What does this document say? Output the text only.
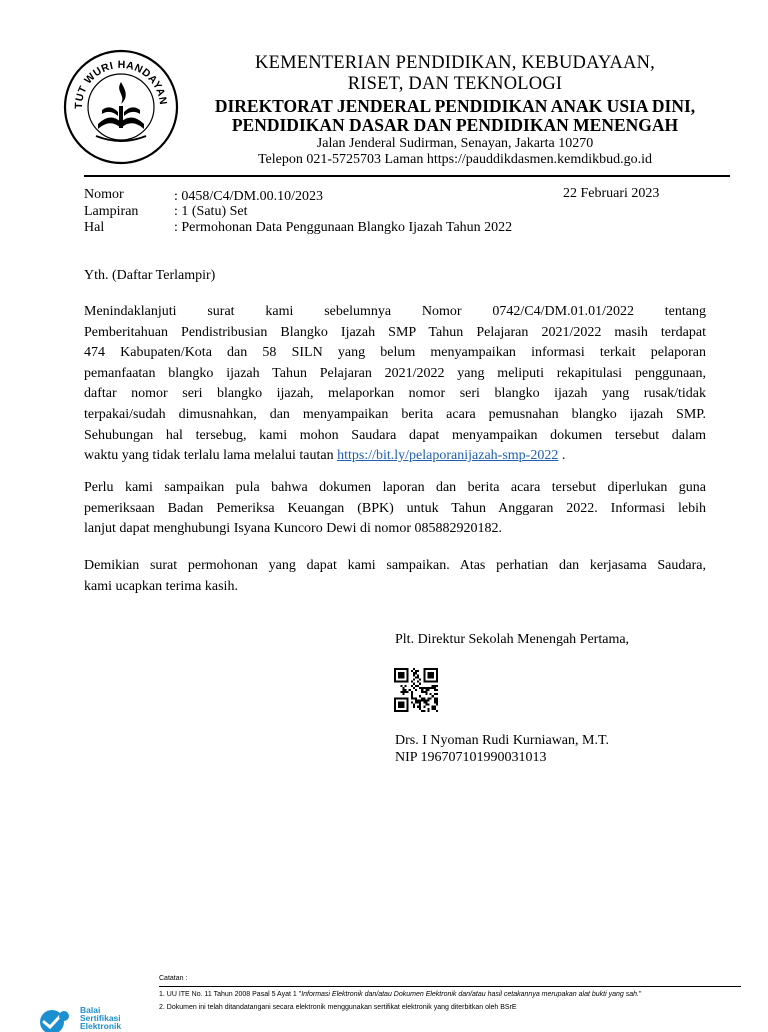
TUT WURI HANDAYAN
KEMENTERIAN PENDIDIKAN, KEBUDAYAAN,
RISET, DAN TEKNOLOGI
DIREKTORAT JENDERAL PENDIDIKAN ANAK USIA DINI,
PENDIDIKAN DASAR DAN PENDIDIKAN MENENGAH
Jalan Jenderal Sudirman, Senayan, Jakarta 10270
Telepon 021-5725703 Laman https://pauddikdasmen.kemdikbud.go.id
Nomor	: 0458/C4/DM.00.10/2023
Lampiran	: 1 (Satu) Set
Hal	: Permohonan Data Penggunaan Blangko Ijazah Tahun 2022
22 Februari 2023
Yth. (Daftar Terlampir)
Menindaklanjuti surat kami sebelumnya Nomor 0742/C4/DM.01.01/2022 tentang
Pemberitahuan Pendistribusian Blangko Ijazah SMP Tahun Pelajaran 2021/2022 masih terdapat
474 Kabupaten/Kota dan 58 SILN yang belum menyampaikan informasi terkait pelaporan
pemanfaatan blangko ijazah Tahun Pelajaran 2021/2022 yang meliputi rekapitulasi penggunaan,
daftar nomor seri blangko ijazah, melaporkan nomor seri blangko ijazah yang rusak/tidak
terpakai/sudah dimusnahkan, dan menyampaikan berita acara pemusnahan blangko ijazah SMP.
Sehubungan hal tersebug, kami mohon Saudara dapat menyampaikan dokumen tersebut dalam
waktu yang tidak terlalu lama melalui tautan https://bit.ly/pelaporanijazah-smp-2022 .
Perlu kami sampaikan pula bahwa dokumen laporan dan berita acara tersebut diperlukan guna
pemeriksaan Badan Pemeriksa Keuangan (BPK) untuk Tahun Anggaran 2022. Informasi lebih
lanjut dapat menghubungi Isyana Kuncoro Dewi di nomor 085882920182.
Demikian surat permohonan yang dapat kami sampaikan. Atas perhatian dan kerjasama Saudara,
kami ucapkan terima kasih.
Plt. Direktur Sekolah Menengah Pertama,
Drs. I Nyoman Rudi Kurniawan, M.T.
NIP 196707101990031013
Balai
Sertifikasi
Elektronik
Catatan :
1. UU ITE No. 11 Tahun 2008 Pasal 5 Ayat 1 "Informasi Elektronik dan/atau Dokumen Elektronik dan/atau hasil cetakannya merupakan alat bukti yang sah."
2. Dokumen ini telah ditandatangani secara elektronik menggunakan sertifikat elektronik yang diterbitkan oleh BSrE
